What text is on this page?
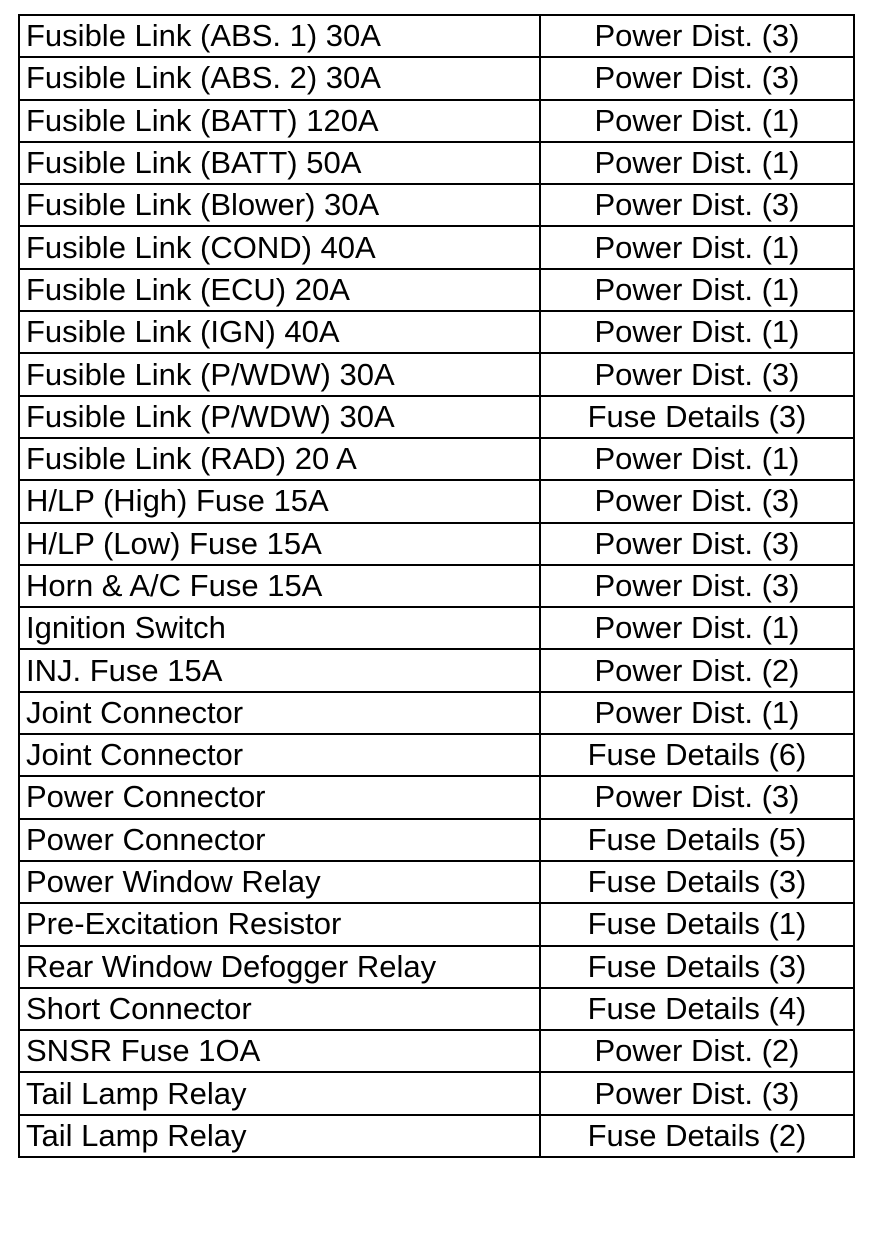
Fusible Link (ABS. 1) 30A	Power Dist. (3)
Fusible Link (ABS. 2) 30A	Power Dist. (3)
Fusible Link (BATT) 120A	Power Dist. (1)
Fusible Link (BATT) 50A	Power Dist. (1)
Fusible Link (Blower) 30A	Power Dist. (3)
Fusible Link (COND) 40A	Power Dist. (1)
Fusible Link (ECU) 20A	Power Dist. (1)
Fusible Link (IGN) 40A	Power Dist. (1)
Fusible Link (P/WDW) 30A	Power Dist. (3)
Fusible Link (P/WDW) 30A	Fuse Details (3)
Fusible Link (RAD) 20 A	Power Dist. (1)
H/LP (High) Fuse 15A	Power Dist. (3)
H/LP (Low) Fuse 15A	Power Dist. (3)
Horn & A/C Fuse 15A	Power Dist. (3)
Ignition Switch	Power Dist. (1)
INJ. Fuse 15A	Power Dist. (2)
Joint Connector	Power Dist. (1)
Joint Connector	Fuse Details (6)
Power Connector	Power Dist. (3)
Power Connector	Fuse Details (5)
Power Window Relay	Fuse Details (3)
Pre-Excitation Resistor	Fuse Details (1)
Rear Window Defogger Relay	Fuse Details (3)
Short Connector	Fuse Details (4)
SNSR Fuse 1OA	Power Dist. (2)
Tail Lamp Relay	Power Dist. (3)
Tail Lamp Relay	Fuse Details (2)
